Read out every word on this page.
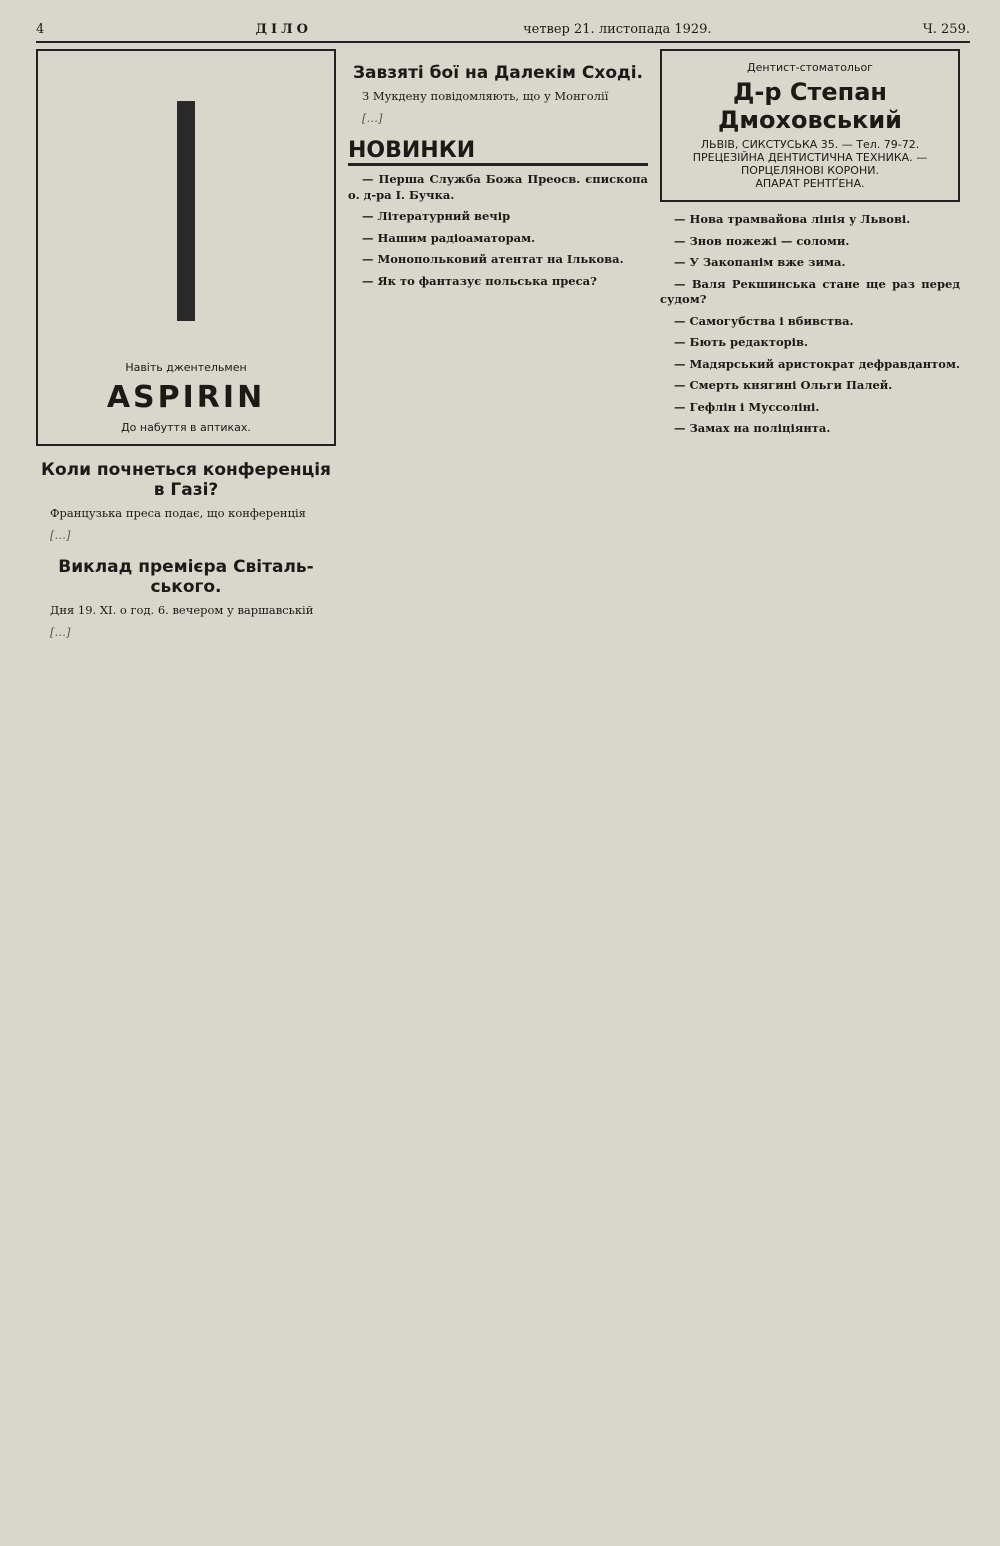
4	ДІЛО	четвер 21. листопада 1929.	Ч. 259.
Навіть джентельмен
ASPIRIN
До набуття в аптиках.
Коли почнеться конференція в Газі?

Французька преса подає, що конференція

[…]

Виклад премієра Світаль-ського.

Дня 19. XI. о год. 6. вечером у варшавській

[…]

Завзяті бої на Далекім Сході.

З Мукдену повідомляють, що у Монголії

[…]

НОВИНКИ

— Перша Служба Божа Преосв. єпископа о. д-ра І. Бучка.

— Літературний вечір

— Нашим радіоаматорам.

— Монопольковий атентат на Ількова.

— Як то фантазує польська преса?

Дентист-стоматольог
Д-р Степан Дмоховський
ЛЬВІВ, СИКСТУСЬКА 35. — Тел. 79-72.
ПРЕЦЕЗІЙНА ДЕНТИСТИЧНА ТЕХНИКА. — ПОРЦЕЛЯНОВІ КОРОНИ.
АПАРАТ РЕНТҐЕНА.

— Нова трамвайова лінія у Львові.

— Знов пожежі — соломи.

— У Закопанім вже зима.

— Валя Рекшинська стане ще раз перед судом?

— Самогубства і вбивства.

— Бють редакторів.

— Мадярський аристократ дефравдантом.

— Смерть княгині Ольги Палей.

— Гефлін і Муссоліні.

— Замах на поліціянта.
